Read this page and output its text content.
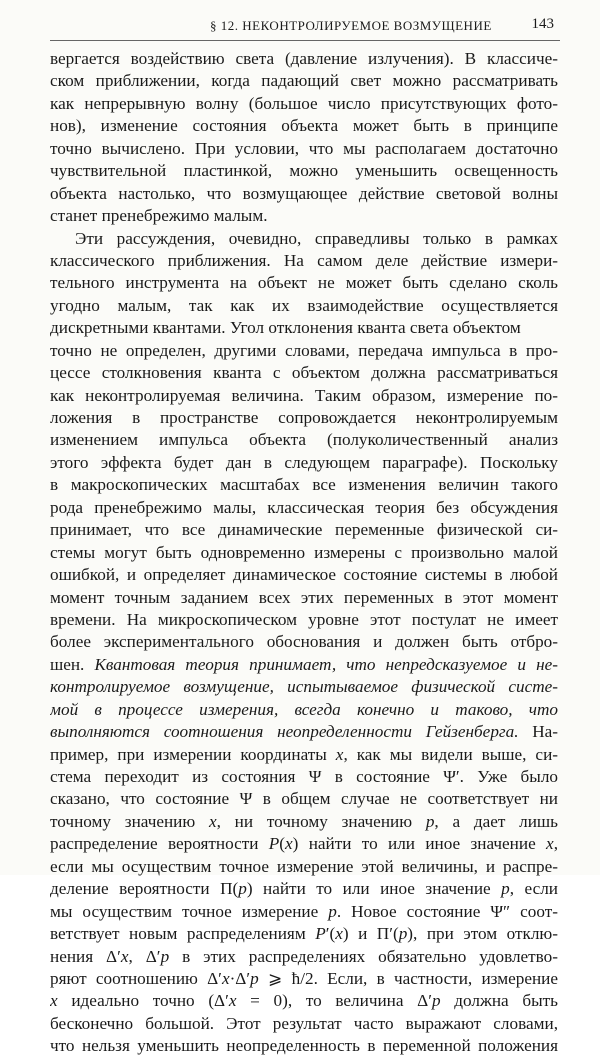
§ 12. НЕКОНТРОЛИРУЕМОЕ ВОЗМУЩЕНИЕ	143
вергается воздействию света (давление излучения). В классиче-
ском приближении, когда падающий свет можно рассматривать
как непрерывную волну (большое число присутствующих фото-
нов), изменение состояния объекта может быть в принципе
точно вычислено. При условии, что мы располагаем достаточно
чувствительной пластинкой, можно уменьшить освещенность
объекта настолько, что возмущающее действие световой волны
станет пренебрежимо малым.
Эти рассуждения, очевидно, справедливы только в рамках
классического приближения. На самом деле действие измери-
тельного инструмента на объект не может быть сделано сколь
угодно малым, так как их взаимодействие осуществляется
дискретными квантами. Угол отклонения кванта света объектом
точно не определен, другими словами, передача импульса в про-
цессе столкновения кванта с объектом должна рассматриваться
как неконтролируемая величина. Таким образом, измерение по-
ложения в пространстве сопровождается неконтролируемым
изменением импульса объекта (полуколичественный анализ
этого эффекта будет дан в следующем параграфе). Поскольку
в макроскопических масштабах все изменения величин такого
рода пренебрежимо малы, классическая теория без обсуждения
принимает, что все динамические переменные физической си-
стемы могут быть одновременно измерены с произвольно малой
ошибкой, и определяет динамическое состояние системы в любой
момент точным заданием всех этих переменных в этот момент
времени. На микроскопическом уровне этот постулат не имеет
более экспериментального обоснования и должен быть отбро-
шен. Квантовая теория принимает, что непредсказуемое и не-
контролируемое возмущение, испытываемое физической систе-
мой в процессе измерения, всегда конечно и таково, что
выполняются соотношения неопределенности Гейзенберга. На-
пример, при измерении координаты x, как мы видели выше, си-
стема переходит из состояния Ψ в состояние Ψ′. Уже было
сказано, что состояние Ψ в общем случае не соответствует ни
точному значению x, ни точному значению p, а дает лишь
распределение вероятности P(x) найти то или иное значение x,
если мы осуществим точное измерение этой величины, и распре-
деление вероятности Π(p) найти то или иное значение p, если
мы осуществим точное измерение p. Новое состояние Ψ″ соот-
ветствует новым распределениям P′(x) и Π′(p), при этом отклю-
нения Δ′x, Δ′p в этих распределениях обязательно удовлетво-
ряют соотношению Δ′x·Δ′p ⩾ ħ/2. Если, в частности, измерение
x идеально точно (Δ′x = 0), то величина Δ′p должна быть
бесконечно большой. Этот результат часто выражают словами,
что нельзя уменьшить неопределенность в переменной положения
